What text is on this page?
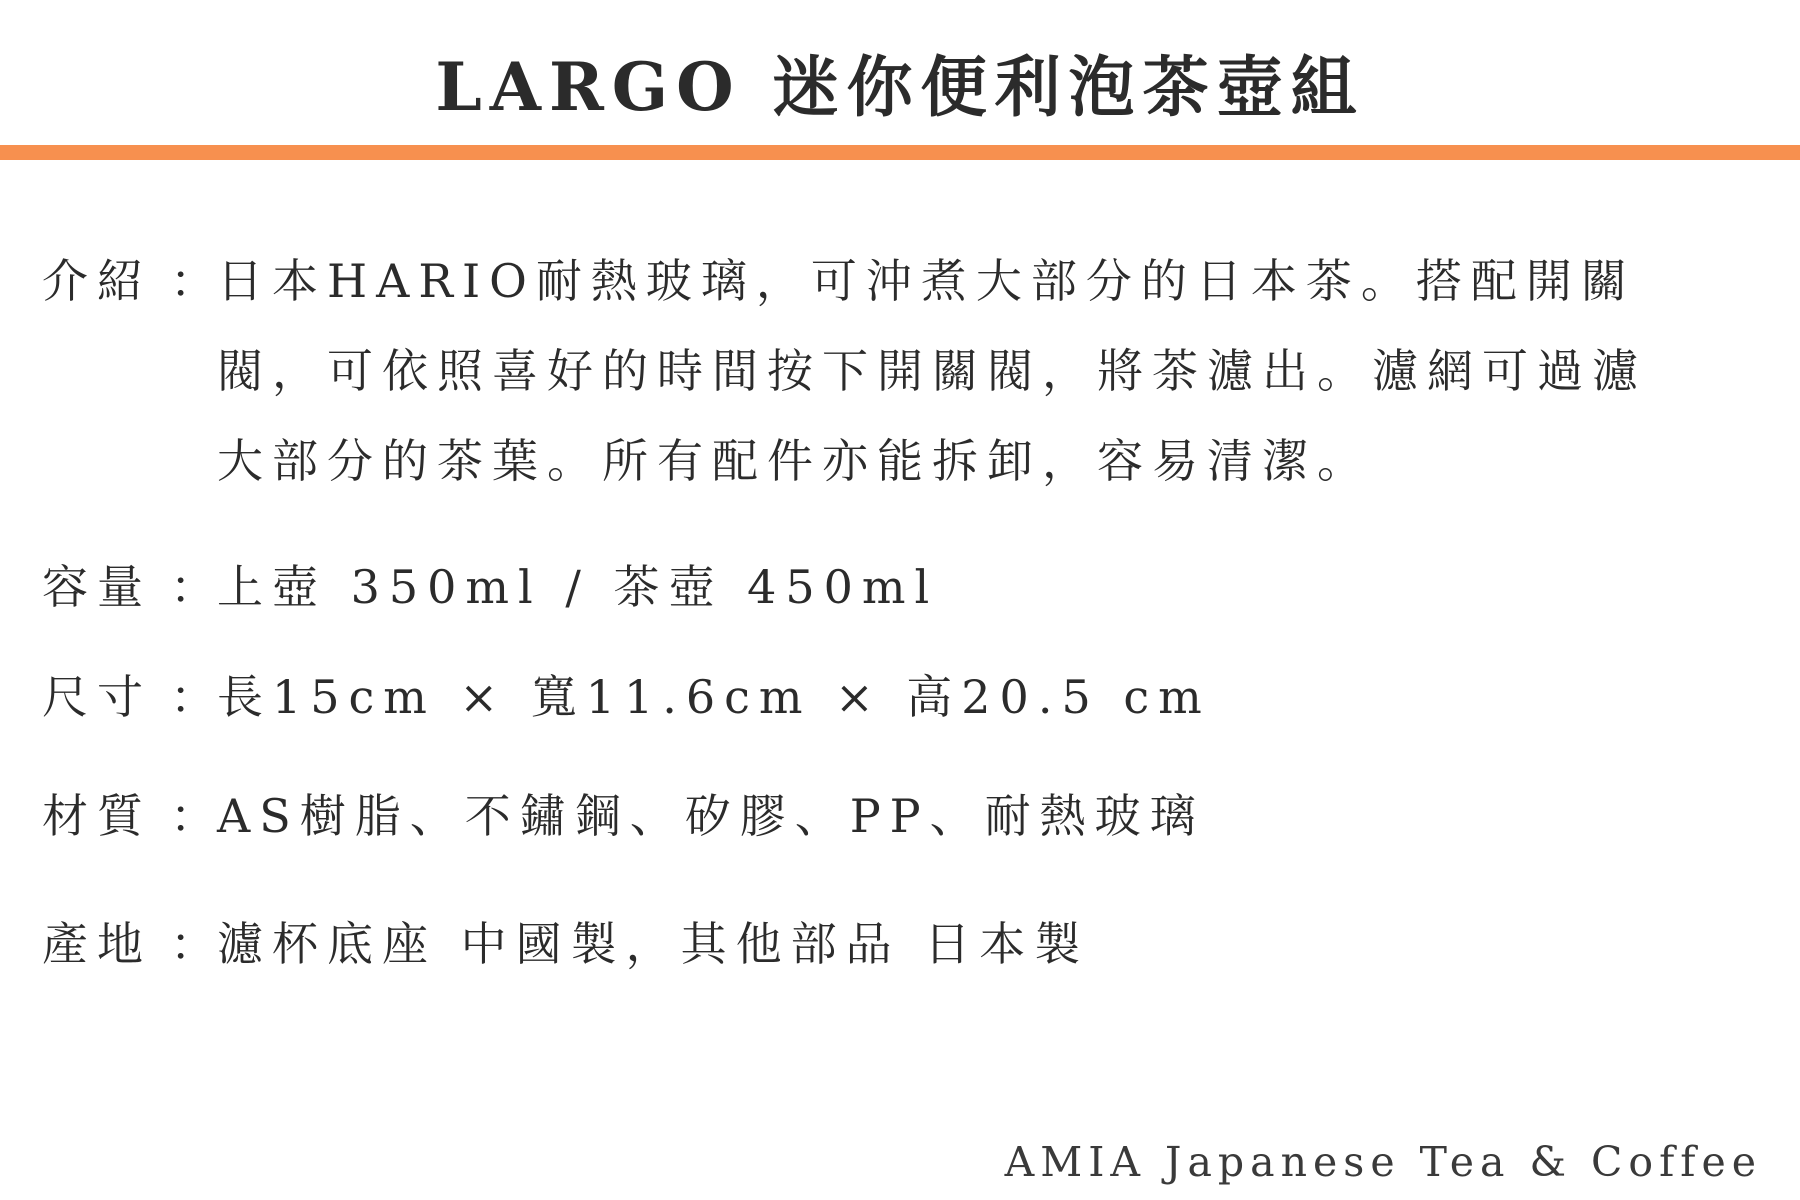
LARGO 迷你便利泡茶壺組
介紹 ：
日本HARIO耐熱玻璃，可沖煮大部分的日本茶。搭配開關
閥，可依照喜好的時間按下開關閥，將茶濾出。濾網可過濾
大部分的茶葉。所有配件亦能拆卸，容易清潔。
容量 ：
上壺 350ml / 茶壺 450ml
尺寸 ：
長15cm × 寬11.6cm × 高20.5 cm
材質 ：
AS樹脂、不鏽鋼、矽膠、PP、耐熱玻璃
產地 ：
濾杯底座 中國製，其他部品 日本製
AMIA Japanese Tea & Coffee
